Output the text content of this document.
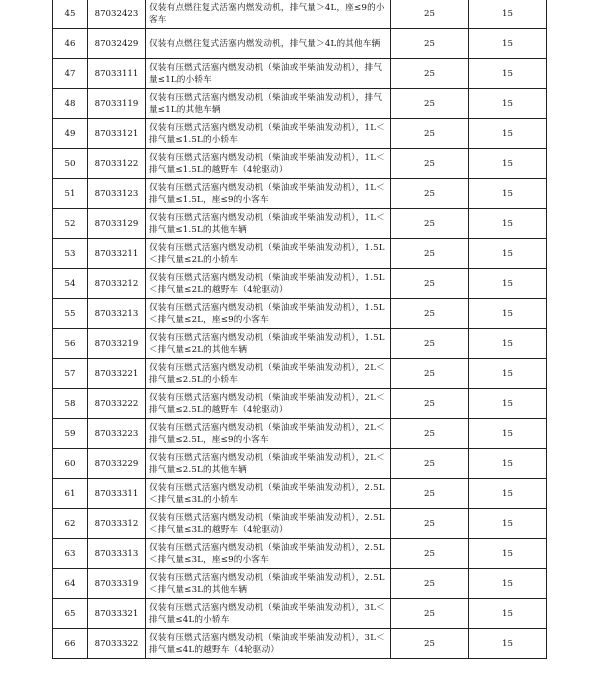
45	87032423	仅装有点燃往复式活塞内燃发动机，排气量＞4L，座≤9的小客车	25	15
46	87032429	仅装有点燃往复式活塞内燃发动机，排气量＞4L的其他车辆	25	15
47	87033111	仅装有压燃式活塞内燃发动机（柴油或半柴油发动机），排气量≤1L的小轿车	25	15
48	87033119	仅装有压燃式活塞内燃发动机（柴油或半柴油发动机），排气量≤1L的其他车辆	25	15
49	87033121	仅装有压燃式活塞内燃发动机（柴油或半柴油发动机），1L＜排气量≤1.5L的小轿车	25	15
50	87033122	仅装有压燃式活塞内燃发动机（柴油或半柴油发动机），1L＜排气量≤1.5L的越野车（4轮驱动）	25	15
51	87033123	仅装有压燃式活塞内燃发动机（柴油或半柴油发动机），1L＜排气量≤1.5L，座≤9的小客车	25	15
52	87033129	仅装有压燃式活塞内燃发动机（柴油或半柴油发动机），1L＜排气量≤1.5L的其他车辆	25	15
53	87033211	仅装有压燃式活塞内燃发动机（柴油或半柴油发动机），1.5L＜排气量≤2L的小轿车	25	15
54	87033212	仅装有压燃式活塞内燃发动机（柴油或半柴油发动机），1.5L＜排气量≤2L的越野车（4轮驱动）	25	15
55	87033213	仅装有压燃式活塞内燃发动机（柴油或半柴油发动机），1.5L＜排气量≤2L，座≤9的小客车	25	15
56	87033219	仅装有压燃式活塞内燃发动机（柴油或半柴油发动机），1.5L＜排气量≤2L的其他车辆	25	15
57	87033221	仅装有压燃式活塞内燃发动机（柴油或半柴油发动机），2L＜排气量≤2.5L的小轿车	25	15
58	87033222	仅装有压燃式活塞内燃发动机（柴油或半柴油发动机），2L＜排气量≤2.5L的越野车（4轮驱动）	25	15
59	87033223	仅装有压燃式活塞内燃发动机（柴油或半柴油发动机），2L＜排气量≤2.5L，座≤9的小客车	25	15
60	87033229	仅装有压燃式活塞内燃发动机（柴油或半柴油发动机），2L＜排气量≤2.5L的其他车辆	25	15
61	87033311	仅装有压燃式活塞内燃发动机（柴油或半柴油发动机），2.5L＜排气量≤3L的小轿车	25	15
62	87033312	仅装有压燃式活塞内燃发动机（柴油或半柴油发动机），2.5L＜排气量≤3L的越野车（4轮驱动）	25	15
63	87033313	仅装有压燃式活塞内燃发动机（柴油或半柴油发动机），2.5L＜排气量≤3L，座≤9的小客车	25	15
64	87033319	仅装有压燃式活塞内燃发动机（柴油或半柴油发动机），2.5L＜排气量≤3L的其他车辆	25	15
65	87033321	仅装有压燃式活塞内燃发动机（柴油或半柴油发动机），3L＜排气量≤4L的小轿车	25	15
66	87033322	仅装有压燃式活塞内燃发动机（柴油或半柴油发动机），3L＜排气量≤4L的越野车（4轮驱动）	25	15
